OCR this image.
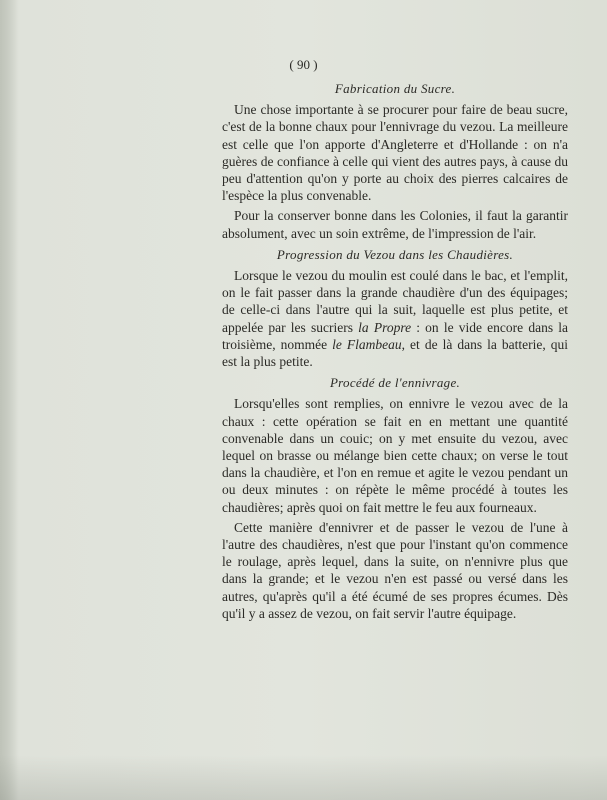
( 90 )
Fabrication du Sucre.

Une chose importante à se procurer pour faire de beau sucre, c'est de la bonne chaux pour l'ennivrage du vezou. La meilleure est celle que l'on apporte d'Angleterre et d'Hollande : on n'a guères de confiance à celle qui vient des autres pays, à cause du peu d'attention qu'on y porte au choix des pierres calcaires de l'espèce la plus convenable.

Pour la conserver bonne dans les Colonies, il faut la garantir absolument, avec un soin extrême, de l'impression de l'air.

Progression du Vezou dans les Chaudières.

Lorsque le vezou du moulin est coulé dans le bac, et l'emplit, on le fait passer dans la grande chaudière d'un des équipages; de celle-ci dans l'autre qui la suit, laquelle est plus petite, et appelée par les sucriers la Propre : on le vide encore dans la troisième, nommée le Flambeau, et de là dans la batterie, qui est la plus petite.

Procédé de l'ennivrage.

Lorsqu'elles sont remplies, on ennivre le vezou avec de la chaux : cette opération se fait en en mettant une quantité convenable dans un couic; on y met ensuite du vezou, avec lequel on brasse ou mélange bien cette chaux; on verse le tout dans la chaudière, et l'on en remue et agite le vezou pendant un ou deux minutes : on répète le même procédé à toutes les chaudières; après quoi on fait mettre le feu aux fourneaux.

Cette manière d'ennivrer et de passer le vezou de l'une à l'autre des chaudières, n'est que pour l'instant qu'on commence le roulage, après lequel, dans la suite, on n'ennivre plus que dans la grande; et le vezou n'en est passé ou versé dans les autres, qu'après qu'il a été écumé de ses propres écumes. Dès qu'il y a assez de vezou, on fait servir l'autre équipage.
